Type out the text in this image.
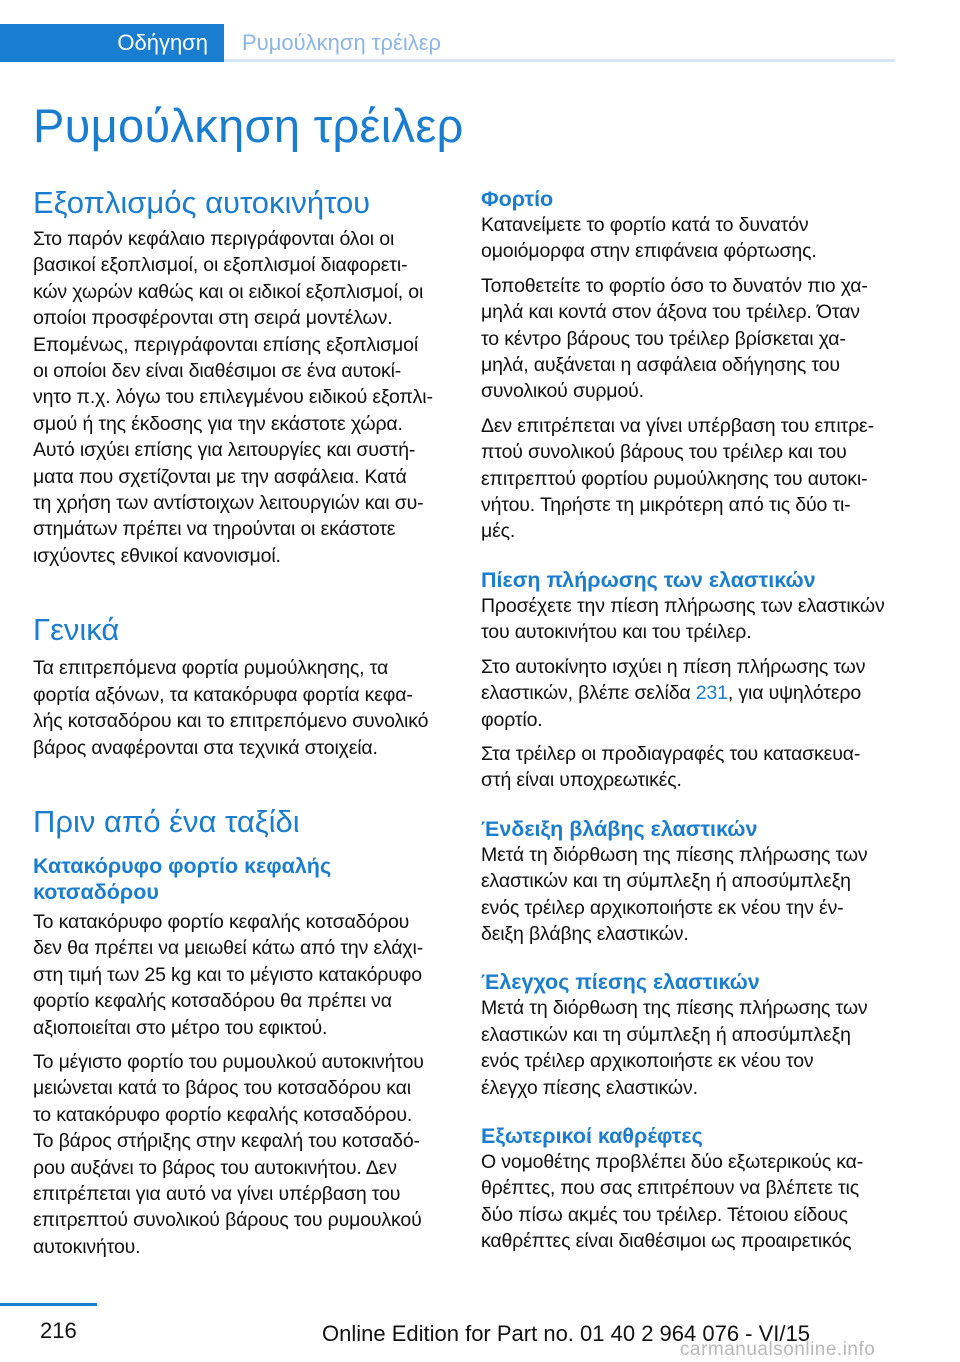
Οδήγηση	Ρυμούλκηση τρέιλερ
Ρυμούλκηση τρέιλερ
Εξοπλισμός αυτοκινήτου

Στο παρόν κεφάλαιο περιγράφονται όλοι οι
βασικοί εξοπλισμοί, οι εξοπλισμοί διαφορετι‐
κών χωρών καθώς και οι ειδικοί εξοπλισμοί, οι
οποίοι προσφέρονται στη σειρά μοντέλων.
Επομένως, περιγράφονται επίσης εξοπλισμοί
οι οποίοι δεν είναι διαθέσιμοι σε ένα αυτοκί‐
νητο π.χ. λόγω του επιλεγμένου ειδικού εξοπλι‐
σμού ή της έκδοσης για την εκάστοτε χώρα.
Αυτό ισχύει επίσης για λειτουργίες και συστή‐
ματα που σχετίζονται με την ασφάλεια. Κατά
τη χρήση των αντίστοιχων λειτουργιών και συ‐
στημάτων πρέπει να τηρούνται οι εκάστοτε
ισχύοντες εθνικοί κανονισμοί.

Γενικά

Τα επιτρεπόμενα φορτία ρυμούλκησης, τα
φορτία αξόνων, τα κατακόρυφα φορτία κεφα‐
λής κοτσαδόρου και το επιτρεπόμενο συνολικό
βάρος αναφέρονται στα τεχνικά στοιχεία.

Πριν από ένα ταξίδι
Κατακόρυφο φορτίο κεφαλής
κοτσαδόρου

Το κατακόρυφο φορτίο κεφαλής κοτσαδόρου
δεν θα πρέπει να μειωθεί κάτω από την ελάχι‐
στη τιμή των 25 kg και το μέγιστο κατακόρυφο
φορτίο κεφαλής κοτσαδόρου θα πρέπει να
αξιοποιείται στο μέτρο του εφικτού.

Το μέγιστο φορτίο του ρυμουλκού αυτοκινήτου
μειώνεται κατά το βάρος του κοτσαδόρου και
το κατακόρυφο φορτίο κεφαλής κοτσαδόρου.
Το βάρος στήριξης στην κεφαλή του κοτσαδό‐
ρου αυξάνει το βάρος του αυτοκινήτου. Δεν
επιτρέπεται για αυτό να γίνει υπέρβαση του
επιτρεπτού συνολικού βάρους του ρυμουλκού
αυτοκινήτου.

Φορτίο

Κατανείμετε το φορτίο κατά το δυνατόν
ομοιόμορφα στην επιφάνεια φόρτωσης.

Τοποθετείτε το φορτίο όσο το δυνατόν πιο χα‐
μηλά και κοντά στον άξονα του τρέιλερ. Όταν
το κέντρο βάρους του τρέιλερ βρίσκεται χα‐
μηλά, αυξάνεται η ασφάλεια οδήγησης του
συνολικού συρμού.

Δεν επιτρέπεται να γίνει υπέρβαση του επιτρε‐
πτού συνολικού βάρους του τρέιλερ και του
επιτρεπτού φορτίου ρυμούλκησης του αυτοκι‐
νήτου. Τηρήστε τη μικρότερη από τις δύο τι‐
μές.

Πίεση πλήρωσης των ελαστικών

Προσέχετε την πίεση πλήρωσης των ελαστικών
του αυτοκινήτου και του τρέιλερ.

Στο αυτοκίνητο ισχύει η πίεση πλήρωσης των
ελαστικών, βλέπε σελίδα 231, για υψηλότερο
φορτίο.

Στα τρέιλερ οι προδιαγραφές του κατασκευα‐
στή είναι υποχρεωτικές.

Ένδειξη βλάβης ελαστικών

Μετά τη διόρθωση της πίεσης πλήρωσης των
ελαστικών και τη σύμπλεξη ή αποσύμπλεξη
ενός τρέιλερ αρχικοποιήστε εκ νέου την έν‐
δειξη βλάβης ελαστικών.

Έλεγχος πίεσης ελαστικών

Μετά τη διόρθωση της πίεσης πλήρωσης των
ελαστικών και τη σύμπλεξη ή αποσύμπλεξη
ενός τρέιλερ αρχικοποιήστε εκ νέου τον
έλεγχο πίεσης ελαστικών.

Εξωτερικοί καθρέφτες

Ο νομοθέτης προβλέπει δύο εξωτερικούς κα‐
θρέπτες, που σας επιτρέπουν να βλέπετε τις
δύο πίσω ακμές του τρέιλερ. Τέτοιου είδους
καθρέπτες είναι διαθέσιμοι ως προαιρετικός

216	Online Edition for Part no. 01 40 2 964 076 - VI/15
carmanualsonline.info
